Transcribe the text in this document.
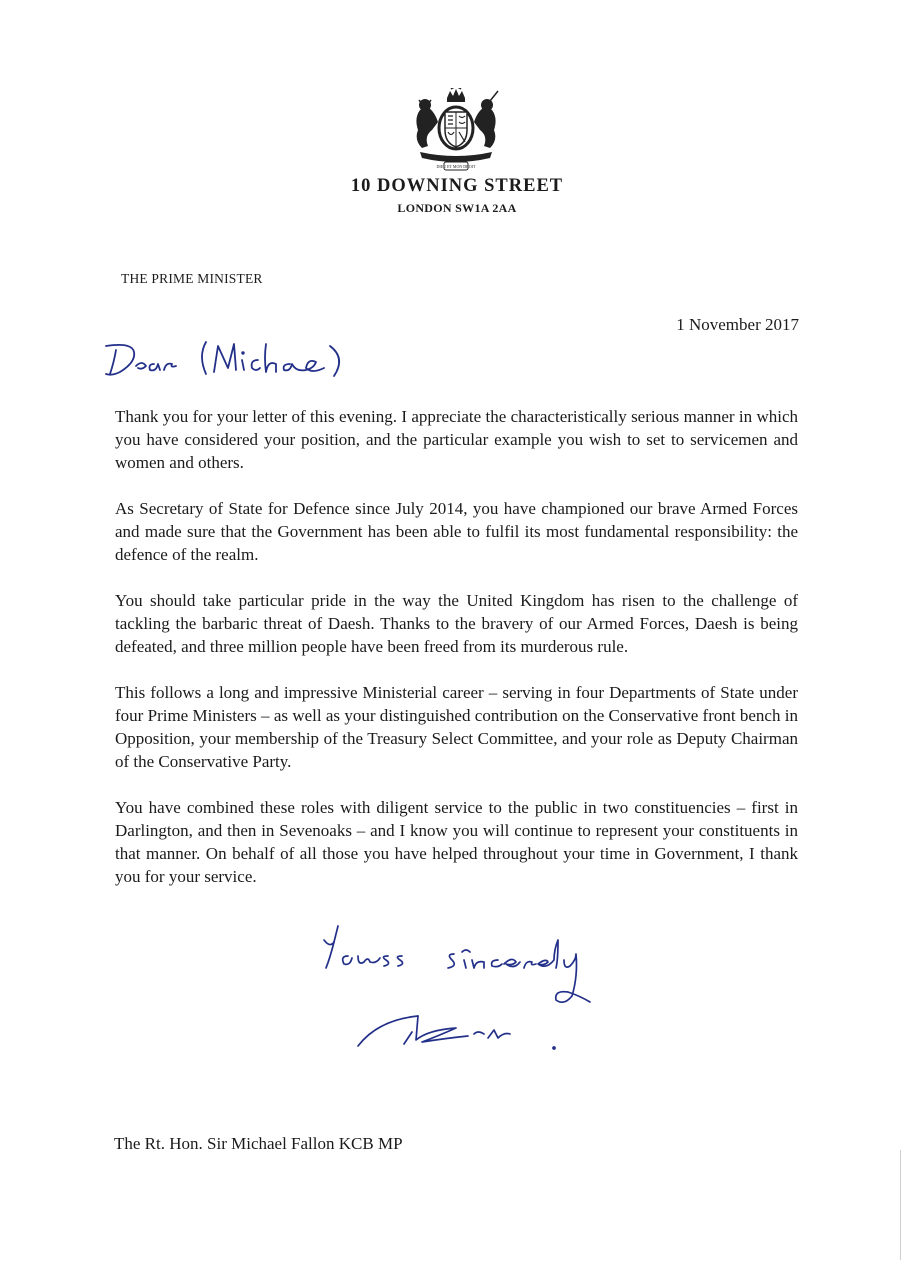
DIEU ET MON DROIT
10 DOWNING STREET
LONDON SW1A 2AA
THE PRIME MINISTER
1 November 2017

Thank you for your letter of this evening. I appreciate the characteristically serious manner in which you have considered your position, and the particular example you wish to set to servicemen and women and others.

As Secretary of State for Defence since July 2014, you have championed our brave Armed Forces and made sure that the Government has been able to fulfil its most fundamental responsibility: the defence of the realm.

You should take particular pride in the way the United Kingdom has risen to the challenge of tackling the barbaric threat of Daesh. Thanks to the bravery of our Armed Forces, Daesh is being defeated, and three million people have been freed from its murderous rule.

This follows a long and impressive Ministerial career – serving in four Departments of State under four Prime Ministers – as well as your distinguished contribution on the Conservative front bench in Opposition, your membership of the Treasury Select Committee, and your role as Deputy Chairman of the Conservative Party.

You have combined these roles with diligent service to the public in two constituencies – first in Darlington, and then in Sevenoaks – and I know you will continue to represent your constituents in that manner. On behalf of all those you have helped throughout your time in Government, I thank you for your service.

The Rt. Hon. Sir Michael Fallon KCB MP
